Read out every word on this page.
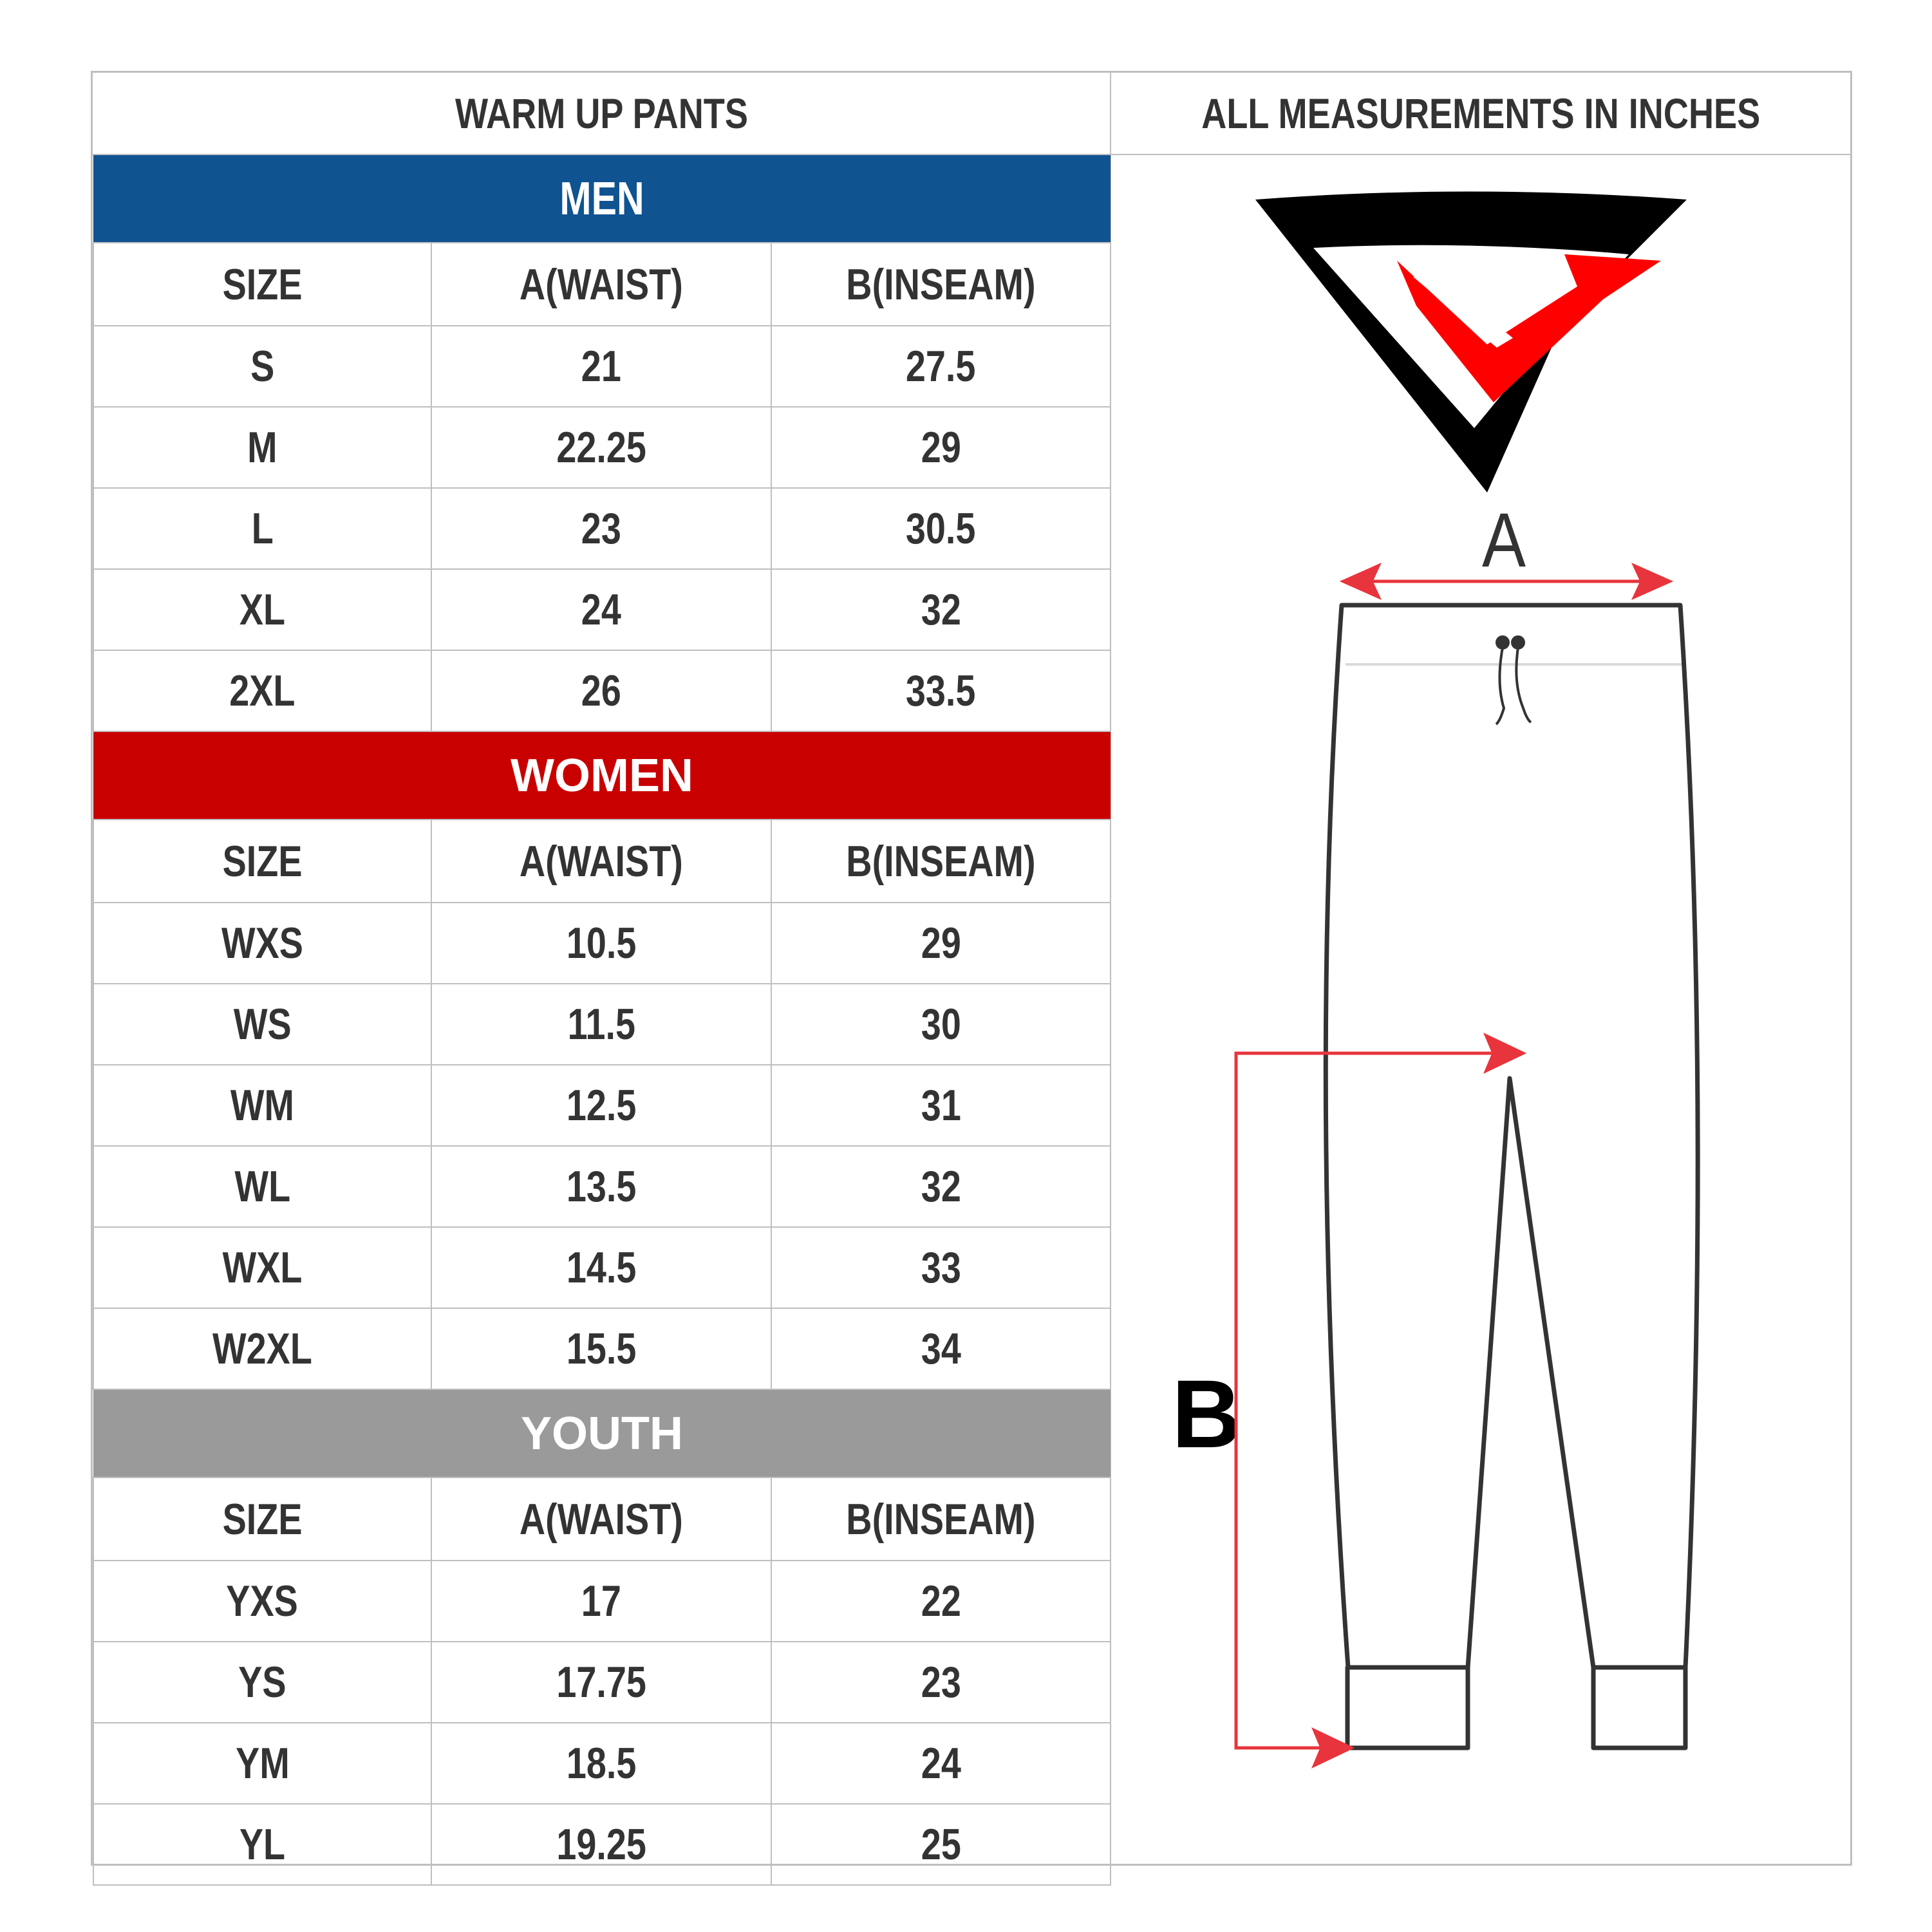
WARM UP PANTS	ALL MEASUREMENTS IN INCHES
MEN		
SIZE	A(WAIST)	B(INSEAM)
S	21	27.5
M	22.25	29
L	23	30.5
XL	24	32
2XL	26	33.5
WOMEN		
SIZE	A(WAIST)	B(INSEAM)
WXS	10.5	29
WS	11.5	30
WM	12.5	31
WL	13.5	32
WXL	14.5	33
W2XL	15.5	34
YOUTH		
SIZE	A(WAIST)	B(INSEAM)
YXS	17	22
YS	17.75	23
YM	18.5	24
YL	19.25	25
A
B
